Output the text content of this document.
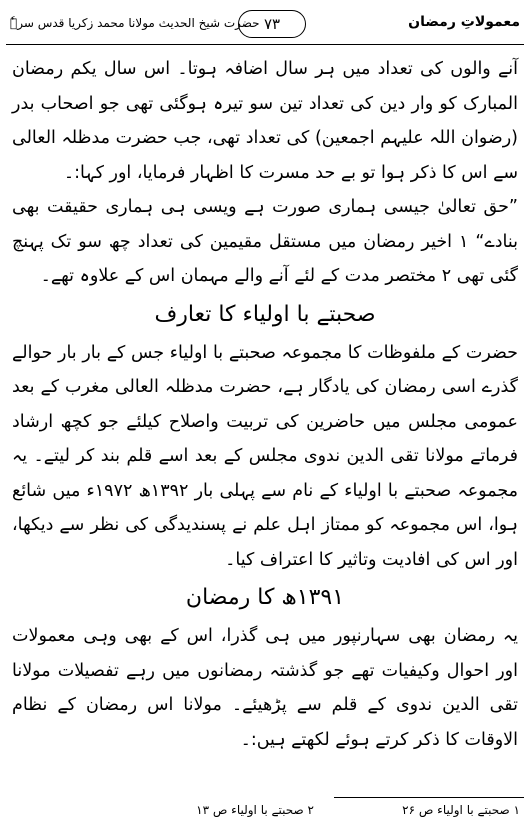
معمولاتِ رمضان
۷۳
حضرت شیخ الحدیث مولانا محمد زکریا قدس سرہٗ

آنے والوں کی تعداد میں ہر سال اضافہ ہوتا۔ اس سال یکم رمضان المبارک کو وار دین کی تعداد تین سو تیرہ ہوگئی تھی جو اصحاب بدر (رضوان اللہ علیہم اجمعین) کی تعداد تھی، جب حضرت مدظلہ العالی سے اس کا ذکر ہوا تو بے حد مسرت کا اظہار فرمایا، اور کہا:۔

”حق تعالیٰ جیسی ہماری صورت ہے ویسی ہی ہماری حقیقت بھی بنادے“ ۱ اخیر رمضان میں مستقل مقیمین کی تعداد چھ سو تک پہنچ گئی تھی ۲ مختصر مدت کے لئے آنے والے مہمان اس کے علاوہ تھے۔

صحبتے با اولیاء کا تعارف

حضرت کے ملفوظات کا مجموعہ صحبتے با اولیاء جس کے بار بار حوالے گذرے اسی رمضان کی یادگار ہے، حضرت مدظلہ العالی مغرب کے بعد عمومی مجلس میں حاضرین کی تربیت واصلاح کیلئے جو کچھ ارشاد فرماتے مولانا تقی الدین ندوی مجلس کے بعد اسے قلم بند کر لیتے۔ یہ مجموعہ صحبتے با اولیاء کے نام سے پہلی بار ۱۳۹۲ھ ۱۹۷۲ء میں شائع ہوا، اس مجموعہ کو ممتاز اہل علم نے پسندیدگی کی نظر سے دیکھا، اور اس کی افادیت وتاثیر کا اعتراف کیا۔

۱۳۹۱ھ کا رمضان

یہ رمضان بھی سہارنپور میں ہی گذرا، اس کے بھی وہی معمولات اور احوال وکیفیات تھے جو گذشتہ رمضانوں میں رہے تفصیلات مولانا تقی الدین ندوی کے قلم سے پڑھیئے۔ مولانا اس رمضان کے نظام الاوقات کا ذکر کرتے ہوئے لکھتے ہیں:۔

۱ صحبتے با اولیاء ص ۲۶
۲ صحبتے با اولیاء ص ۱۳
